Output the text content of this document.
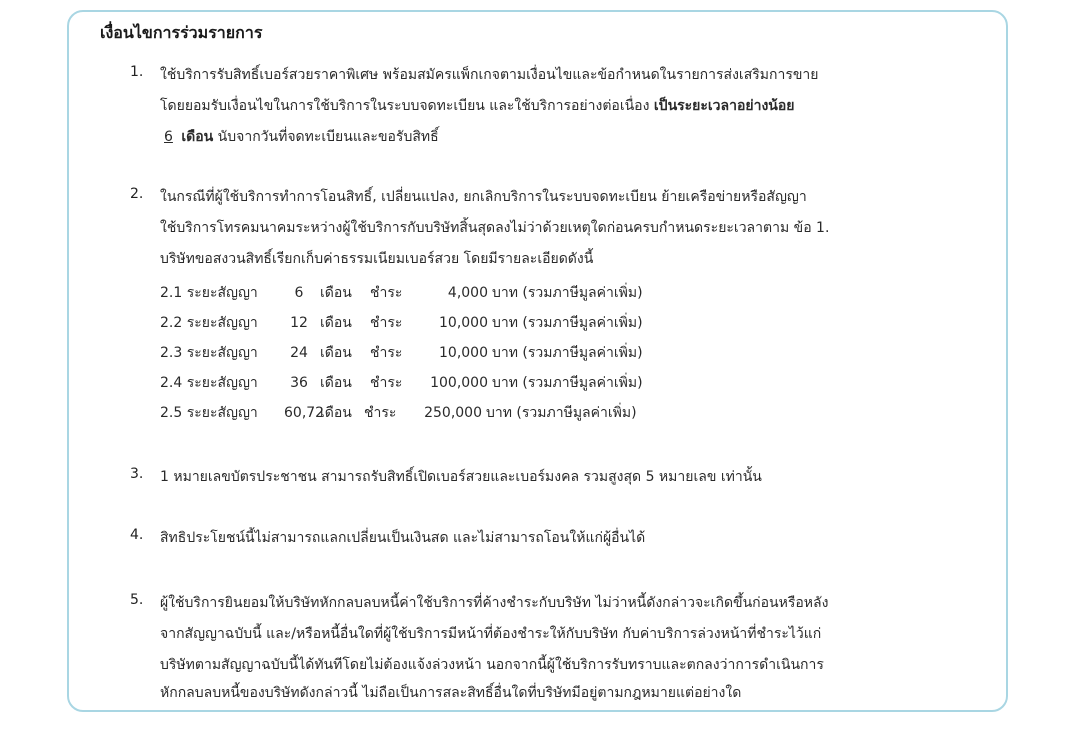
เงื่อนไขการร่วมรายการ
1. ใช้บริการรับสิทธิ์เบอร์สวยราคาพิเศษ พร้อมสมัครแพ็กเกจตามเงื่อนไขและข้อกำหนดในรายการส่งเสริมการขาย
โดยยอมรับเงื่อนไขในการใช้บริการในระบบจดทะเบียน และใช้บริการอย่างต่อเนื่อง เป็นระยะเวลาอย่างน้อย
6 เดือน นับจากวันที่จดทะเบียนและขอรับสิทธิ์
2. ในกรณีที่ผู้ใช้บริการทำการโอนสิทธิ์, เปลี่ยนแปลง, ยกเลิกบริการในระบบจดทะเบียน ย้ายเครือข่ายหรือสัญญา
ใช้บริการโทรคมนาคมระหว่างผู้ใช้บริการกับบริษัทสิ้นสุดลงไม่ว่าด้วยเหตุใดก่อนครบกำหนดระยะเวลาตาม ข้อ 1.
บริษัทขอสงวนสิทธิ์เรียกเก็บค่าธรรมเนียมเบอร์สวย โดยมีรายละเอียดดังนี้
2.1 ระยะสัญญา	6 เดือน ชำระ	4,000 บาท (รวมภาษีมูลค่าเพิ่ม)
2.2 ระยะสัญญา 12 เดือน ชำระ	10,000 บาท (รวมภาษีมูลค่าเพิ่ม)
2.3 ระยะสัญญา 24 เดือน ชำระ	10,000 บาท (รวมภาษีมูลค่าเพิ่ม)
2.4 ระยะสัญญา 36 เดือน ชำระ 100,000 บาท (รวมภาษีมูลค่าเพิ่ม)
2.5 ระยะสัญญา 60,72เดือน ชำระ 250,000 บาท (รวมภาษีมูลค่าเพิ่ม)
3. 1 หมายเลขบัตรประชาชน สามารถรับสิทธิ์เปิดเบอร์สวยและเบอร์มงคล รวมสูงสุด 5 หมายเลข เท่านั้น
4. สิทธิประโยชน์นี้ไม่สามารถแลกเปลี่ยนเป็นเงินสด และไม่สามารถโอนให้แก่ผู้อื่นได้
5. ผู้ใช้บริการยินยอมให้บริษัทหักกลบลบหนี้ค่าใช้บริการที่ค้างชำระกับบริษัท ไม่ว่าหนี้ดังกล่าวจะเกิดขึ้นก่อนหรือหลัง
จากสัญญาฉบับนี้ และ/หรือหนี้อื่นใดที่ผู้ใช้บริการมีหน้าที่ต้องชำระให้กับบริษัท กับค่าบริการล่วงหน้าที่ชำระไว้แก่
บริษัทตามสัญญาฉบับนี้ได้ทันทีโดยไม่ต้องแจ้งล่วงหน้า นอกจากนี้ผู้ใช้บริการรับทราบและตกลงว่าการดำเนินการ
หักกลบลบหนี้ของบริษัทดังกล่าวนี้ ไม่ถือเป็นการสละสิทธิ์อื่นใดที่บริษัทมีอยู่ตามกฎหมายแต่อย่างใด
